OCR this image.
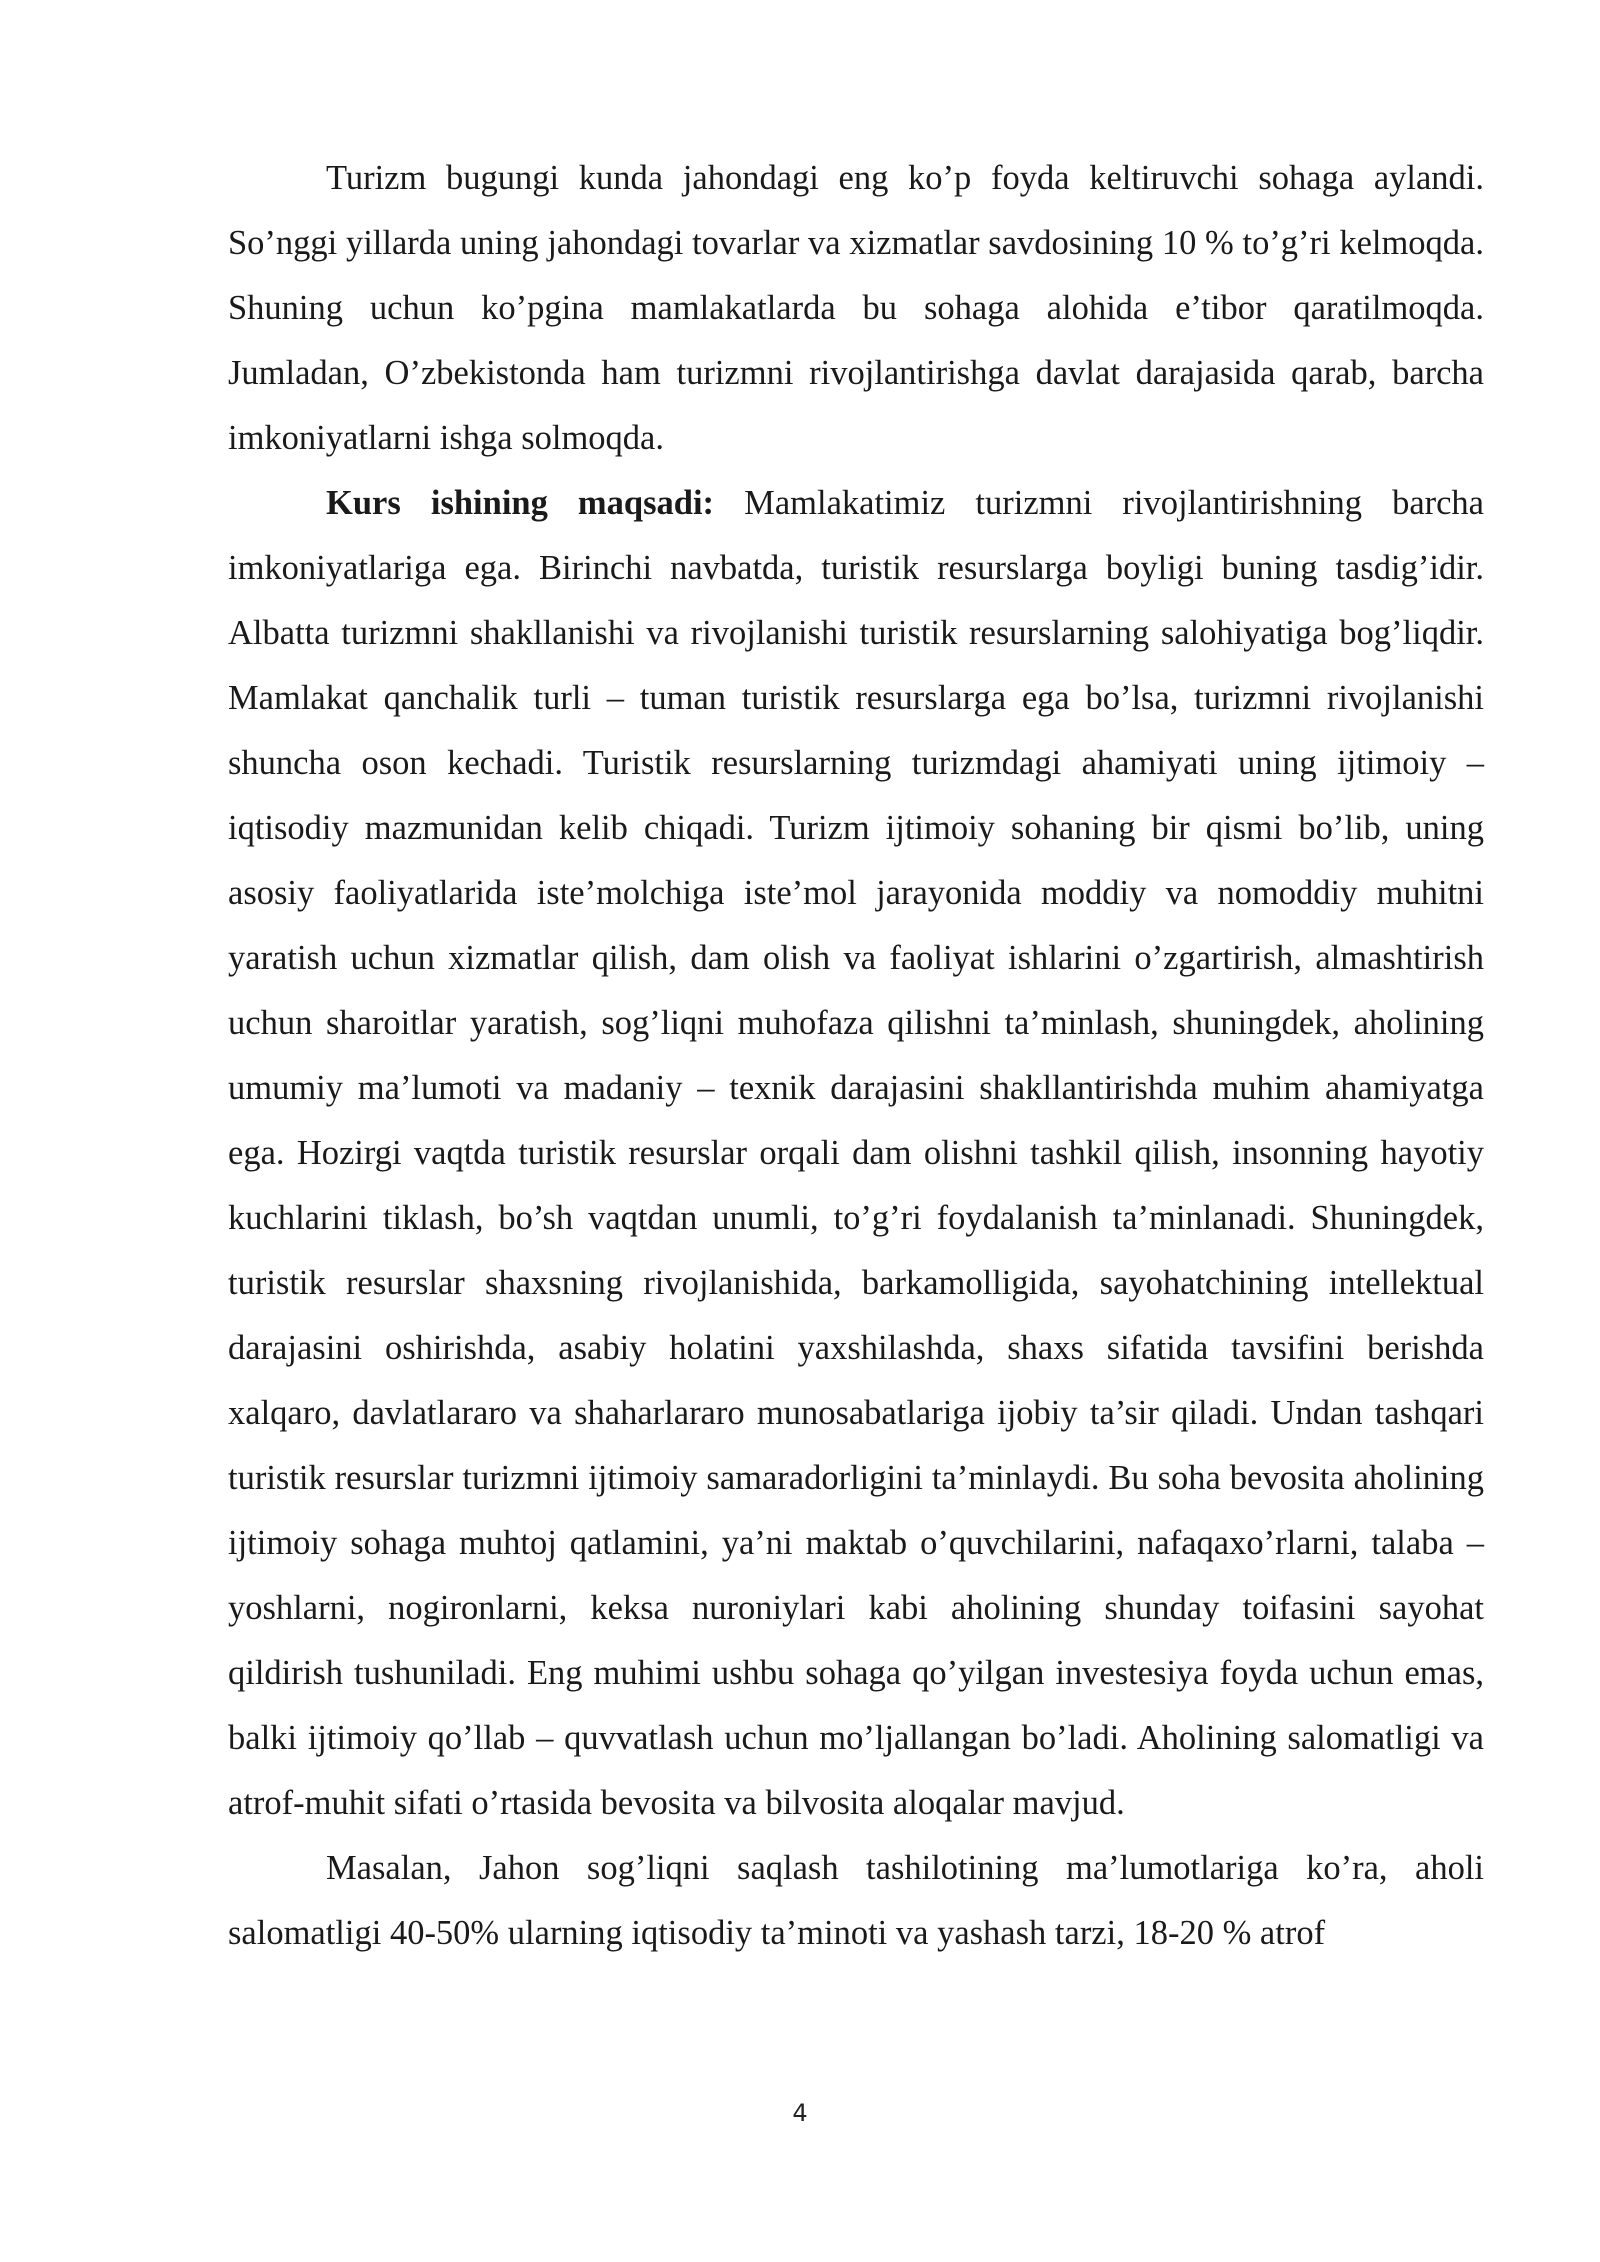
Turizm bugungi kunda jahondagi eng ko’p foyda keltiruvchi sohaga aylandi. So’nggi yillarda uning jahondagi tovarlar va xizmatlar savdosining 10 % to’g’ri kelmoqda. Shuning uchun ko’pgina mamlakatlarda bu sohaga alohida e’tibor qaratilmoqda. Jumladan, O’zbekistonda ham turizmni rivojlantirishga davlat darajasida qarab, barcha imkoniyatlarni ishga solmoqda.

Kurs ishining maqsadi: Mamlakatimiz turizmni rivojlantirishning barcha imkoniyatlariga ega. Birinchi navbatda, turistik resurslarga boyligi buning tasdig’idir. Albatta turizmni shakllanishi va rivojlanishi turistik resurslarning salohiyatiga bog’liqdir. Mamlakat qanchalik turli – tuman turistik resurslarga ega bo’lsa, turizmni rivojlanishi shuncha oson kechadi. Turistik resurslarning turizmdagi ahamiyati uning ijtimoiy – iqtisodiy mazmunidan kelib chiqadi. Turizm ijtimoiy sohaning bir qismi bo’lib, uning asosiy faoliyatlarida iste’molchiga iste’mol jarayonida moddiy va nomoddiy muhitni yaratish uchun xizmatlar qilish, dam olish va faoliyat ishlarini o’zgartirish, almashtirish uchun sharoitlar yaratish, sog’liqni muhofaza qilishni ta’minlash, shuningdek, aholining umumiy ma’lumoti va madaniy – texnik darajasini shakllantirishda muhim ahamiyatga ega. Hozirgi vaqtda turistik resurslar orqali dam olishni tashkil qilish, insonning hayotiy kuchlarini tiklash, bo’sh vaqtdan unumli, to’g’ri foydalanish ta’minlanadi. Shuningdek, turistik resurslar shaxsning rivojlanishida, barkamolligida, sayohatchining intellektual darajasini oshirishda, asabiy holatini yaxshilashda, shaxs sifatida tavsifini berishda xalqaro, davlatlararo va shaharlararo munosabatlariga ijobiy ta’sir qiladi. Undan tashqari turistik resurslar turizmni ijtimoiy samaradorligini ta’minlaydi. Bu soha bevosita aholining ijtimoiy sohaga muhtoj qatlamini, ya’ni maktab o’quvchilarini, nafaqaxo’rlarni, talaba – yoshlarni, nogironlarni, keksa nuroniylari kabi aholining shunday toifasini sayohat qildirish tushuniladi. Eng muhimi ushbu sohaga qo’yilgan investesiya foyda uchun emas, balki ijtimoiy qo’llab – quvvatlash uchun mo’ljallangan bo’ladi. Aholining salomatligi va atrof-muhit sifati o’rtasida bevosita va bilvosita aloqalar mavjud.

Masalan, Jahon sog’liqni saqlash tashilotining ma’lumotlariga ko’ra, aholi salomatligi 40-50% ularning iqtisodiy ta’minoti va yashash tarzi, 18-20 % atrof

4
